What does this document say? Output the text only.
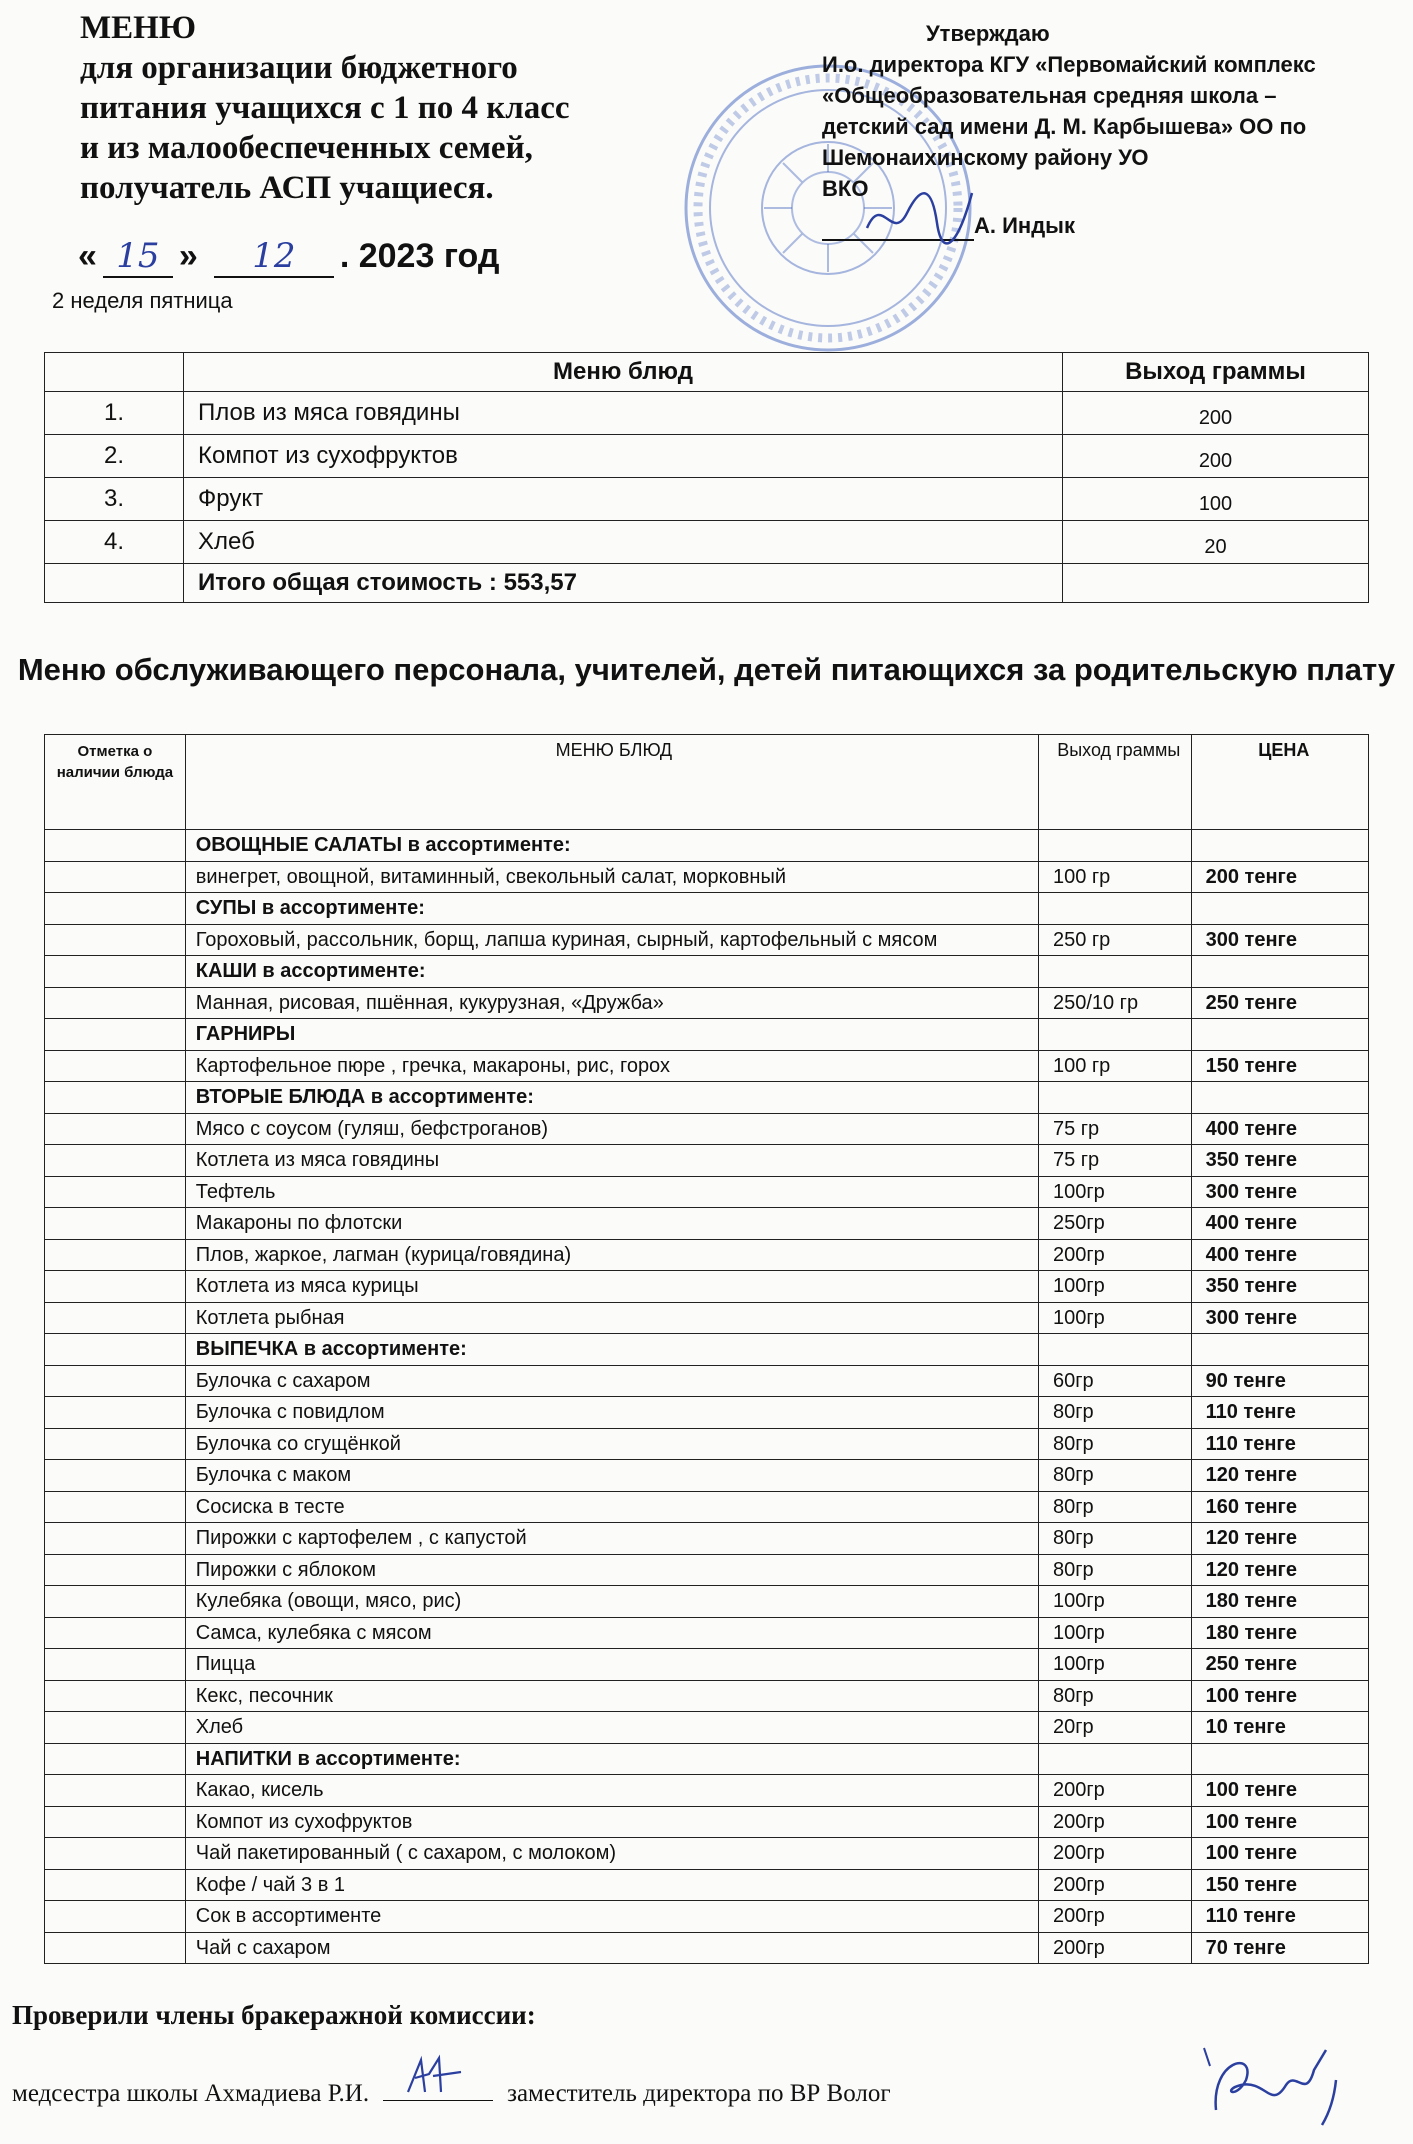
МЕНЮ
для организации бюджетного
питания учащихся с 1 по 4 класс
и из малообеспеченных семей,
получатель АСП учащиеся.
« 15 »	12	. 2023 год
2 неделя пятница
Утверждаю
И.о. директора КГУ «Первомайский комплекс
«Общеобразовательная средняя школа –
детский сад имени Д. М. Карбышева» ОО по
Шемонаихинскому району УО
ВКО
А. Индык
	Меню блюд	Выход граммы
1.	Плов из мяса говядины	200
2.	Компот из сухофруктов	200
3.	Фрукт	100
4.	Хлеб	20
	Итого общая стоимость : 553,57	
Меню обслуживающего персонала, учителей, детей питающихся за родительскую плату
Отметка о наличии блюда	МЕНЮ БЛЮД	Выход граммы	ЦЕНА
	ОВОЩНЫЕ САЛАТЫ в ассортименте:		
	винегрет, овощной, витаминный, свекольный салат, морковный	100 гр	200 тенге
	СУПЫ в ассортименте:		
	Гороховый, рассольник, борщ, лапша куриная, сырный, картофельный с мясом	250 гр	300 тенге
	КАШИ в ассортименте:		
	Манная, рисовая, пшённая, кукурузная, «Дружба»	250/10 гр	250 тенге
	ГАРНИРЫ		
	Картофельное пюре , гречка, макароны, рис, горох	100 гр	150 тенге
	ВТОРЫЕ БЛЮДА в ассортименте:		
	Мясо с соусом (гуляш, бефстроганов)	75 гр	400 тенге
	Котлета из мяса говядины	75 гр	350 тенге
	Тефтель	100гр	300 тенге
	Макароны по флотски	250гр	400 тенге
	Плов, жаркое, лагман (курица/говядина)	200гр	400 тенге
	Котлета из мяса курицы	100гр	350 тенге
	Котлета рыбная	100гр	300 тенге
	ВЫПЕЧКА в ассортименте:		
	Булочка с сахаром	60гр	90 тенге
	Булочка с повидлом	80гр	110 тенге
	Булочка со сгущёнкой	80гр	110 тенге
	Булочка с маком	80гр	120 тенге
	Сосиска в тесте	80гр	160 тенге
	Пирожки с картофелем , с капустой	80гр	120 тенге
	Пирожки с яблоком	80гр	120 тенге
	Кулебяка (овощи, мясо, рис)	100гр	180 тенге
	Самса, кулебяка с мясом	100гр	180 тенге
	Пицца	100гр	250 тенге
	Кекс, песочник	80гр	100 тенге
	Хлеб	20гр	10 тенге
	НАПИТКИ в ассортименте:		
	Какао, кисель	200гр	100 тенге
	Компот из сухофруктов	200гр	100 тенге
	Чай пакетированный ( с сахаром, с молоком)	200гр	100 тенге
	Кофе / чай 3 в 1	200гр	150 тенге
	Сок в ассортименте	200гр	110 тенге
	Чай с сахаром	200гр	70 тенге
Проверили члены бракеражной комиссии:
медсестра школы Ахмадиева Р.И.	заместитель директора по ВР Волог
